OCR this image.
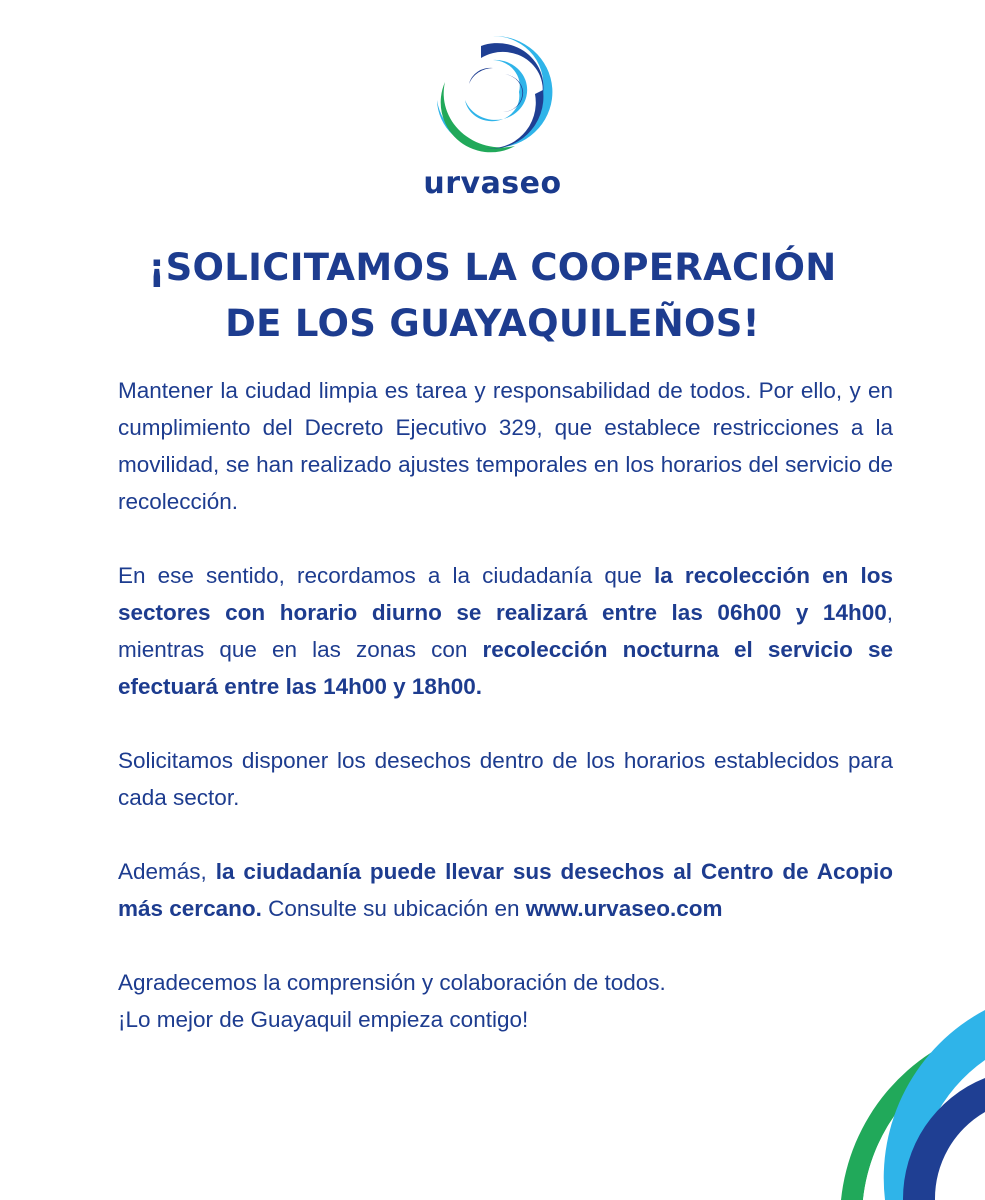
urvaseo
¡SOLICITAMOS LA COOPERACIÓN
DE LOS GUAYAQUILEÑOS!

Mantener la ciudad limpia es tarea y responsabilidad de todos. Por ello, y en cumplimiento del Decreto Ejecutivo 329, que establece restricciones a la movilidad, se han realizado ajustes temporales en los horarios del servicio de recolección.

En ese sentido, recordamos a la ciudadanía que la recolección en los sectores con horario diurno se realizará entre las 06h00 y 14h00, mientras que en las zonas con recolección nocturna el servicio se efectuará entre las 14h00 y 18h00.

Solicitamos disponer los desechos dentro de los horarios establecidos para cada sector.

Además, la ciudadanía puede llevar sus desechos al Centro de Acopio más cercano. Consulte su ubicación en www.urvaseo.com

Agradecemos la comprensión y colaboración de todos.
¡Lo mejor de Guayaquil empieza contigo!
